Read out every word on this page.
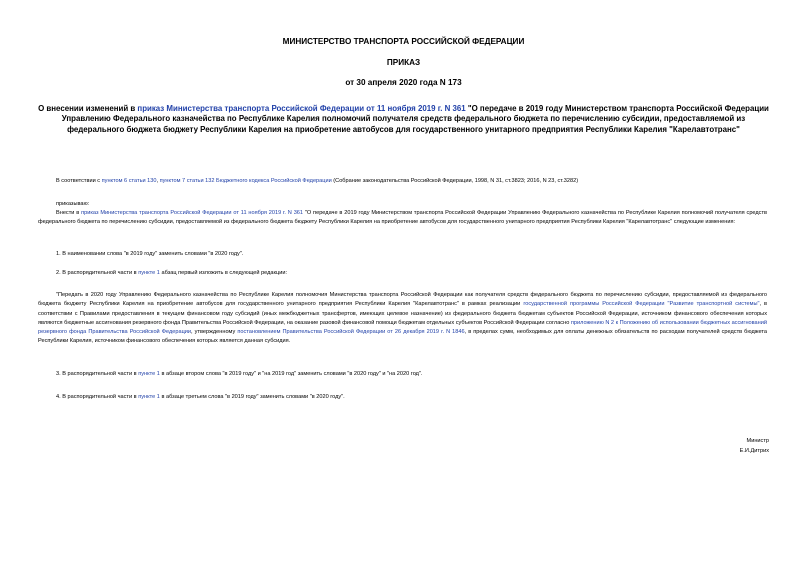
МИНИСТЕРСТВО ТРАНСПОРТА РОССИЙСКОЙ ФЕДЕРАЦИИ
ПРИКАЗ
от 30 апреля 2020 года N 173
О внесении изменений в приказ Министерства транспорта Российской Федерации от 11 ноября 2019 г. N 361 "О передаче в 2019 году Министерством транспорта Российской Федерации Управлению Федерального казначейства по Республике Карелия полномочий получателя средств федерального бюджета по перечислению субсидии, предоставляемой из федерального бюджета бюджету Республики Карелия на приобретение автобусов для государственного унитарного предприятия Республики Карелия "Карелавтотранс"
В соответствии с пунктом 6 статьи 130, пунктом 7 статьи 132 Бюджетного кодекса Российской Федерации (Собрание законодательства Российской Федерации, 1998, N 31, ст.3823; 2016, N 23, ст.3282)
приказываю:
Внести в приказ Министерства транспорта Российской Федерации от 11 ноября 2019 г. N 361 "О передаче в 2019 году Министерством транспорта Российской Федерации Управлению Федерального казначейства по Республике Карелия полномочий получателя средств федерального бюджета по перечислению субсидии, предоставляемой из федерального бюджета бюджету Республики Карелия на приобретение автобусов для государственного унитарного предприятия Республики Карелия "Карелавтотранс" следующие изменения:
1. В наименовании слова "в 2019 году" заменить словами "в 2020 году".
2. В распорядительной части в пункте 1 абзац первый изложить в следующей редакции:
"Передать в 2020 году Управлению Федерального казначейства по Республике Карелия полномочия Министерства транспорта Российской Федерации как получателя средств федерального бюджета по перечислению субсидии, предоставляемой из федерального бюджета бюджету Республики Карелия на приобретение автобусов для государственного унитарного предприятия Республики Карелия "Карелавтотранс" в рамках реализации государственной программы Российской Федерации "Развитие транспортной системы", в соответствии с Правилами предоставления в текущем финансовом году субсидий (иных межбюджетных трансфертов, имеющих целевое назначение) из федерального бюджета бюджетам субъектов Российской Федерации, источником финансового обеспечения которых являются бюджетные ассигнования резервного фонда Правительства Российской Федерации, на оказание разовой финансовой помощи бюджетам отдельных субъектов Российской Федерации согласно приложению N 2 к Положению об использовании бюджетных ассигнований резервного фонда Правительства Российской Федерации, утвержденному постановлением Правительства Российской Федерации от 26 декабря 2019 г. N 1846, в пределах сумм, необходимых для оплаты денежных обязательств по расходам получателей средств бюджета Республики Карелия, источником финансового обеспечения которых является данная субсидия.
3. В распорядительной части в пункте 1 в абзаце втором слова "в 2019 году" и "на 2019 год" заменить словами "в 2020 году" и "на 2020 год".
4. В распорядительной части в пункте 1 в абзаце третьем слова "в 2019 году" заменить словами "в 2020 году".
Министр
Е.И.Дитрих
